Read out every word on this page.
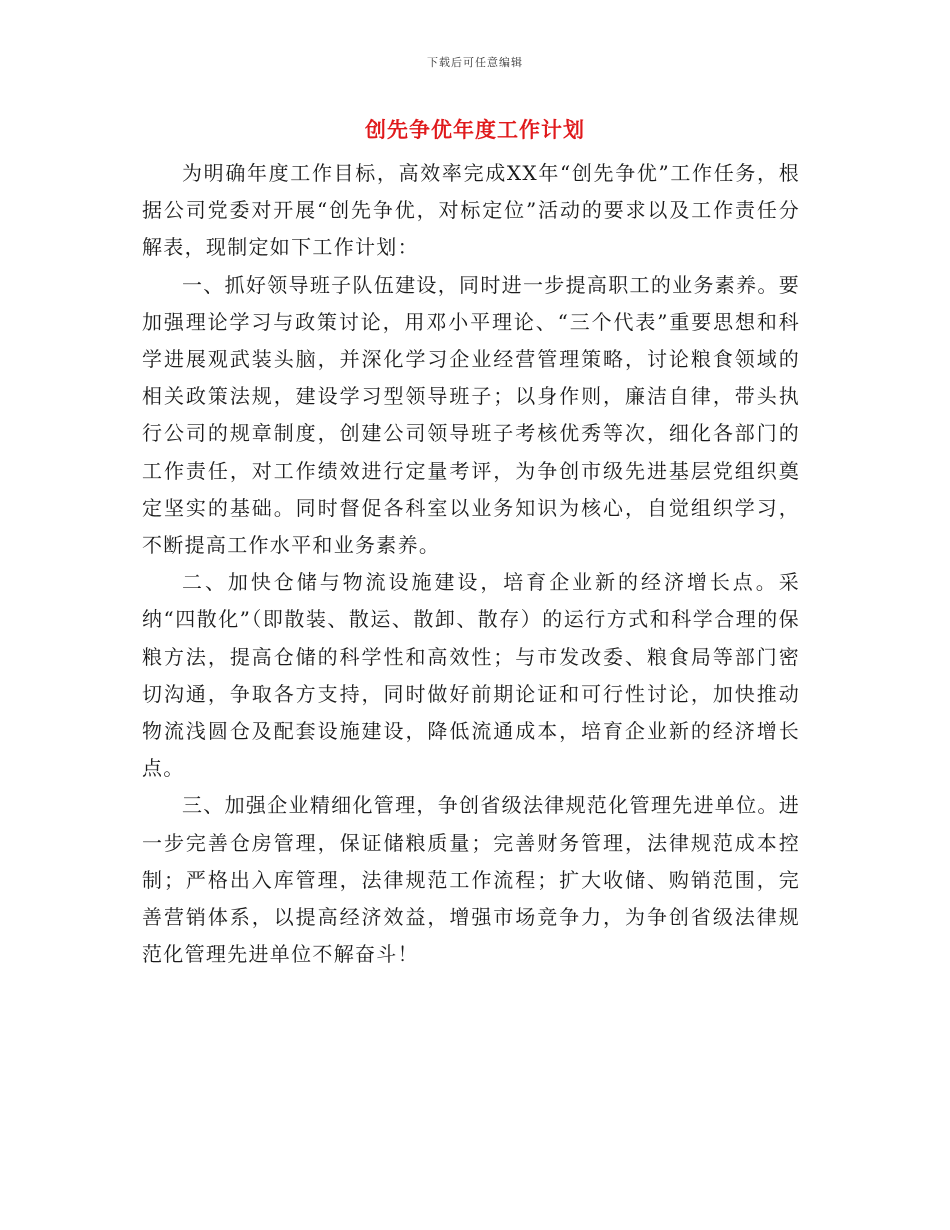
下载后可任意编辑
创先争优年度工作计划

为明确年度工作目标，高效率完成XX年“创先争优”工作任务，根据公司党委对开展“创先争优，对标定位”活动的要求以及工作责任分解表，现制定如下工作计划：

一、抓好领导班子队伍建设，同时进一步提高职工的业务素养。要加强理论学习与政策讨论，用邓小平理论、“三个代表”重要思想和科学进展观武装头脑，并深化学习企业经营管理策略，讨论粮食领域的相关政策法规，建设学习型领导班子；以身作则，廉洁自律，带头执行公司的规章制度，创建公司领导班子考核优秀等次，细化各部门的工作责任，对工作绩效进行定量考评，为争创市级先进基层党组织奠定坚实的基础。同时督促各科室以业务知识为核心，自觉组织学习，不断提高工作水平和业务素养。

二、加快仓储与物流设施建设，培育企业新的经济增长点。采纳“四散化”（即散装、散运、散卸、散存）的运行方式和科学合理的保粮方法，提高仓储的科学性和高效性；与市发改委、粮食局等部门密切沟通，争取各方支持，同时做好前期论证和可行性讨论，加快推动物流浅圆仓及配套设施建设，降低流通成本，培育企业新的经济增长点。

三、加强企业精细化管理，争创省级法律规范化管理先进单位。进一步完善仓房管理，保证储粮质量；完善财务管理，法律规范成本控制；严格出入库管理，法律规范工作流程；扩大收储、购销范围，完善营销体系，以提高经济效益，增强市场竞争力，为争创省级法律规范化管理先进单位不解奋斗！
